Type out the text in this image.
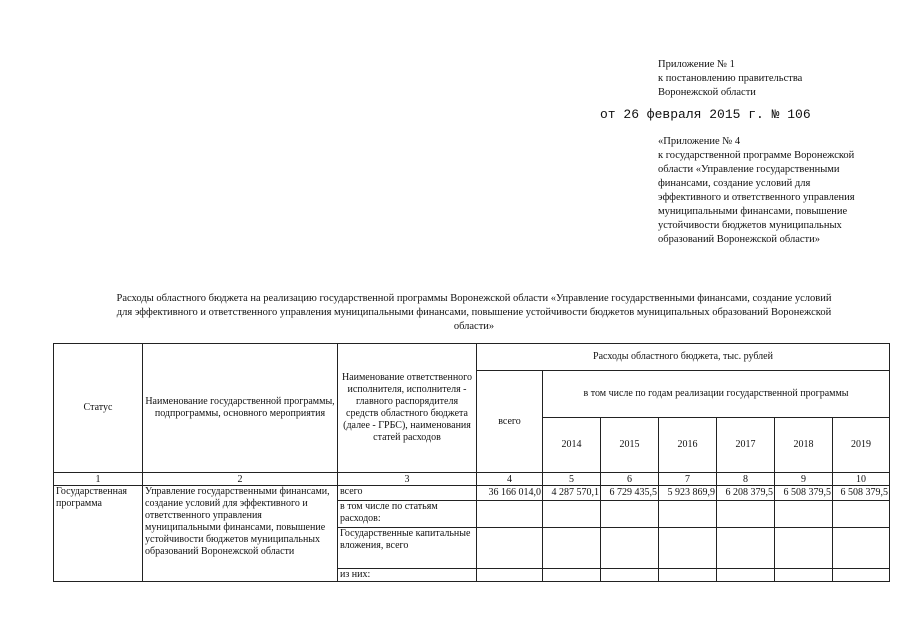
Приложение № 1
к постановлению правительства
Воронежской области
от 26 февраля 2015 г. № 106
«Приложение № 4
к государственной программе Воронежской
области «Управление государственными
финансами, создание условий для
эффективного и ответственного управления
муниципальными финансами, повышение
устойчивости бюджетов муниципальных
образований Воронежской области»
Расходы областного бюджета на реализацию государственной программы Воронежской области «Управление государственными финансами, создание условий
для эффективного и ответственного управления муниципальными финансами, повышение устойчивости бюджетов муниципальных образований Воронежской
области»
Статус	Наименование государственной программы, подпрограммы, основного мероприятия	Наименование ответственного исполнителя, исполнителя - главного распорядителя средств областного бюджета (далее - ГРБС), наименования статей расходов	Расходы областного бюджета, тыс. рублей						
			всего	в том числе по годам реализации государственной программы					
				2014	2015	2016	2017	2018	2019
1	2	3	4	5	6	7	8	9	10
Государственная программа	Управление государственными финансами, создание условий для эффективного и ответственного управления муниципальными финансами, повышение устойчивости бюджетов муниципальных образований Воронежской области	всего	36 166 014,0	4 287 570,1	6 729 435,5	5 923 869,9	6 208 379,5	6 508 379,5	6 508 379,5
		в том числе по статьям расходов:							
		Государственные капитальные вложения, всего							
		из них:							
